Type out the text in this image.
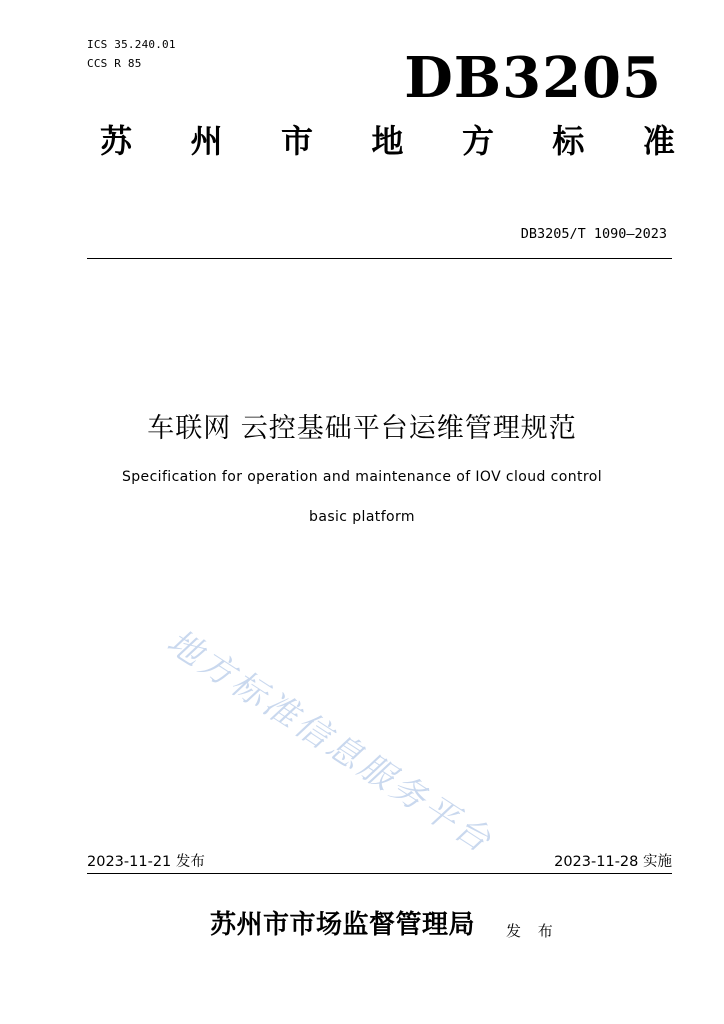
ICS 35.240.01
CCS R 85	DB3205
苏 州 市 地 方 标 准
DB3205/T 1090—2023
车联网 云控基础平台运维管理规范
Specification for operation and maintenance of IOV cloud control
basic platform
地方标准信息服务平台
2023-11-21 发布	2023-11-28 实施
苏州市市场监督管理局 发 布
